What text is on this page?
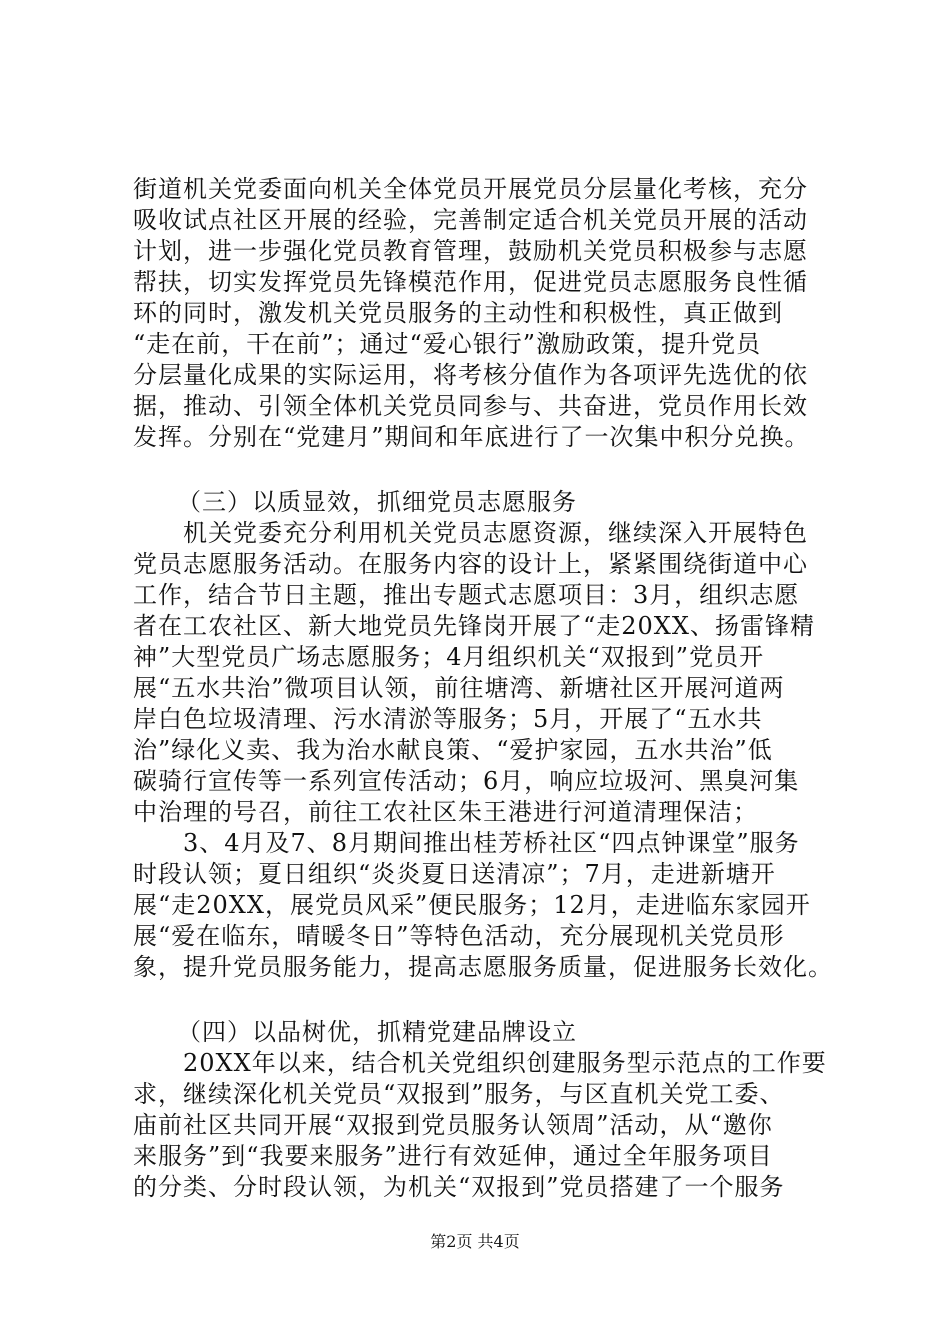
街道机关党委面向机关全体党员开展党员分层量化考核，充分
吸收试点社区开展的经验，完善制定适合机关党员开展的活动
计划，进一步强化党员教育管理，鼓励机关党员积极参与志愿
帮扶，切实发挥党员先锋模范作用，促进党员志愿服务良性循
环的同时，激发机关党员服务的主动性和积极性，真正做到
“走在前，干在前”；通过“爱心银行”激励政策，提升党员
分层量化成果的实际运用，将考核分值作为各项评先选优的依
据，推动、引领全体机关党员同参与、共奋进，党员作用长效
发挥。分别在“党建月”期间和年底进行了一次集中积分兑换。
（三）以质显效，抓细党员志愿服务
　　机关党委充分利用机关党员志愿资源，继续深入开展特色
党员志愿服务活动。在服务内容的设计上，紧紧围绕街道中心
工作，结合节日主题，推出专题式志愿项目：3月，组织志愿
者在工农社区、新大地党员先锋岗开展了“走20XX、扬雷锋精
神”大型党员广场志愿服务；4月组织机关“双报到”党员开
展“五水共治”微项目认领，前往塘湾、新塘社区开展河道两
岸白色垃圾清理、污水清淤等服务；5月，开展了“五水共
治”绿化义卖、我为治水献良策、“爱护家园，五水共治”低
碳骑行宣传等一系列宣传活动；6月，响应垃圾河、黑臭河集
中治理的号召，前往工农社区朱王港进行河道清理保洁；
　　3、4月及7、8月期间推出桂芳桥社区“四点钟课堂”服务
时段认领；夏日组织“炎炎夏日送清凉”；7月，走进新塘开
展“走20XX，展党员风采”便民服务；12月，走进临东家园开
展“爱在临东，晴暖冬日”等特色活动，充分展现机关党员形
象，提升党员服务能力，提高志愿服务质量，促进服务长效化。
（四）以品树优，抓精党建品牌设立
　　20XX年以来，结合机关党组织创建服务型示范点的工作要
求，继续深化机关党员“双报到”服务，与区直机关党工委、
庙前社区共同开展“双报到党员服务认领周”活动，从“邀你
来服务”到“我要来服务”进行有效延伸，通过全年服务项目
的分类、分时段认领，为机关“双报到”党员搭建了一个服务
第2页 共4页
